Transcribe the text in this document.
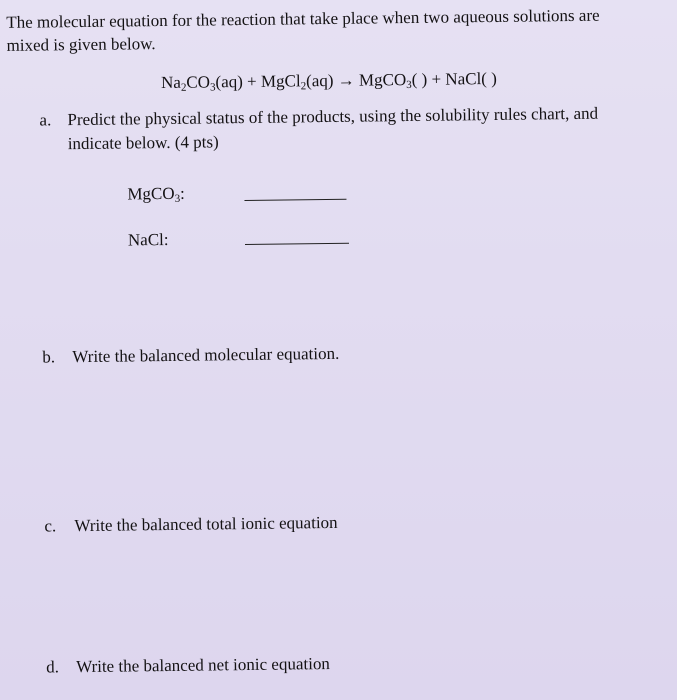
The molecular equation for the reaction that take place when two aqueous solutions are
mixed is given below.
$Na_2CO_3(aq)$ + MgCl$_2$(aq) → MgCO$_3$( ) + NaCl( )
a. Predict the physical status of the products, using the solubility rules chart, and
indicate below. (4 pts)
MgCO$_3$:
NaCl:
b. Write the balanced molecular equation.
c. Write the balanced total ionic equation
d. Write the balanced net ionic equation
